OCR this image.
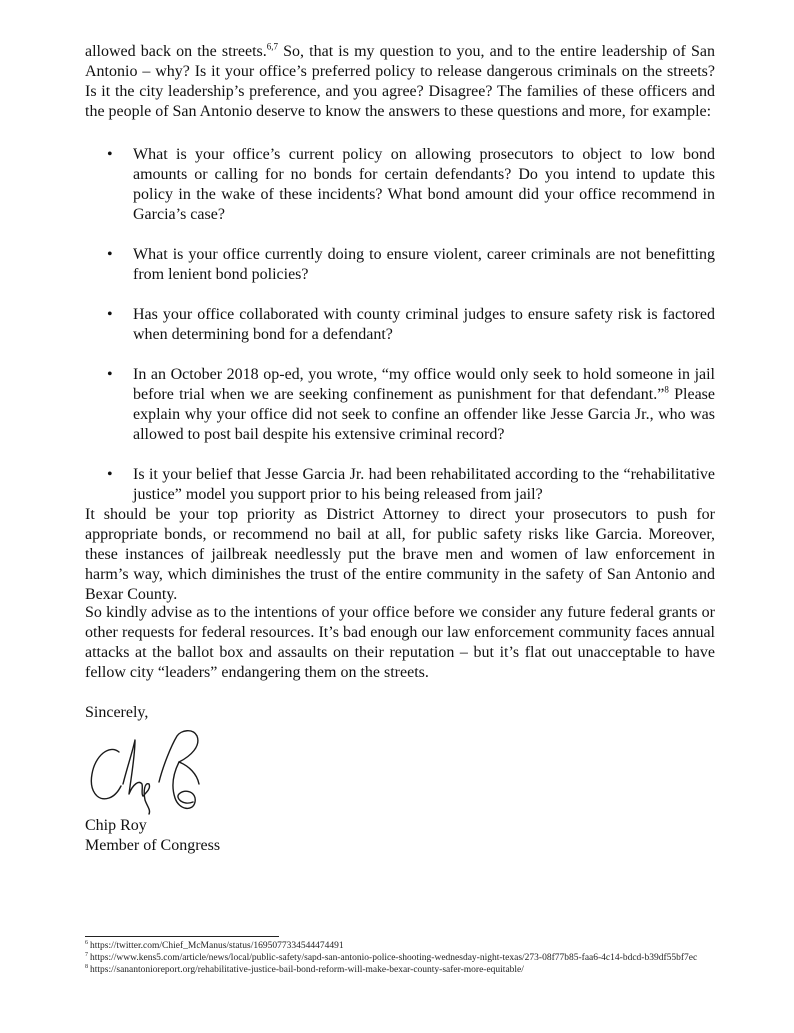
allowed back on the streets.$^{6,7}$ So, that is my question to you, and to the entire leadership of San Antonio – why? Is it your office’s preferred policy to release dangerous criminals on the streets? Is it the city leadership’s preference, and you agree? Disagree? The families of these officers and the people of San Antonio deserve to know the answers to these questions and more, for example:

• What is your office’s current policy on allowing prosecutors to object to low bond amounts or calling for no bonds for certain defendants? Do you intend to update this policy in the wake of these incidents? What bond amount did your office recommend in Garcia’s case?
• What is your office currently doing to ensure violent, career criminals are not benefitting from lenient bond policies?
• Has your office collaborated with county criminal judges to ensure safety risk is factored when determining bond for a defendant?
• In an October 2018 op-ed, you wrote, “my office would only seek to hold someone in jail before trial when we are seeking confinement as punishment for that defendant.”$^8$ Please explain why your office did not seek to confine an offender like Jesse Garcia Jr., who was allowed to post bail despite his extensive criminal record?
• Is it your belief that Jesse Garcia Jr. had been rehabilitated according to the “rehabilitative justice” model you support prior to his being released from jail?

It should be your top priority as District Attorney to direct your prosecutors to push for appropriate bonds, or recommend no bail at all, for public safety risks like Garcia. Moreover, these instances of jailbreak needlessly put the brave men and women of law enforcement in harm’s way, which diminishes the trust of the entire community in the safety of San Antonio and Bexar County.

So kindly advise as to the intentions of your office before we consider any future federal grants or other requests for federal resources. It’s bad enough our law enforcement community faces annual attacks at the ballot box and assaults on their reputation – but it’s flat out unacceptable to have fellow city “leaders” endangering them on the streets.

Sincerely,

Chip Roy

Member of Congress

$^6$ https://twitter.com/Chief_McManus/status/1695077334544474491

$^7$ https://www.kens5.com/article/news/local/public-safety/sapd-san-antonio-police-shooting-wednesday-night-texas/273-08f77b85-faa6-4c14-bdcd-b39df55bf7ec

$^8$ https://sanantonioreport.org/rehabilitative-justice-bail-bond-reform-will-make-bexar-county-safer-more-equitable/
